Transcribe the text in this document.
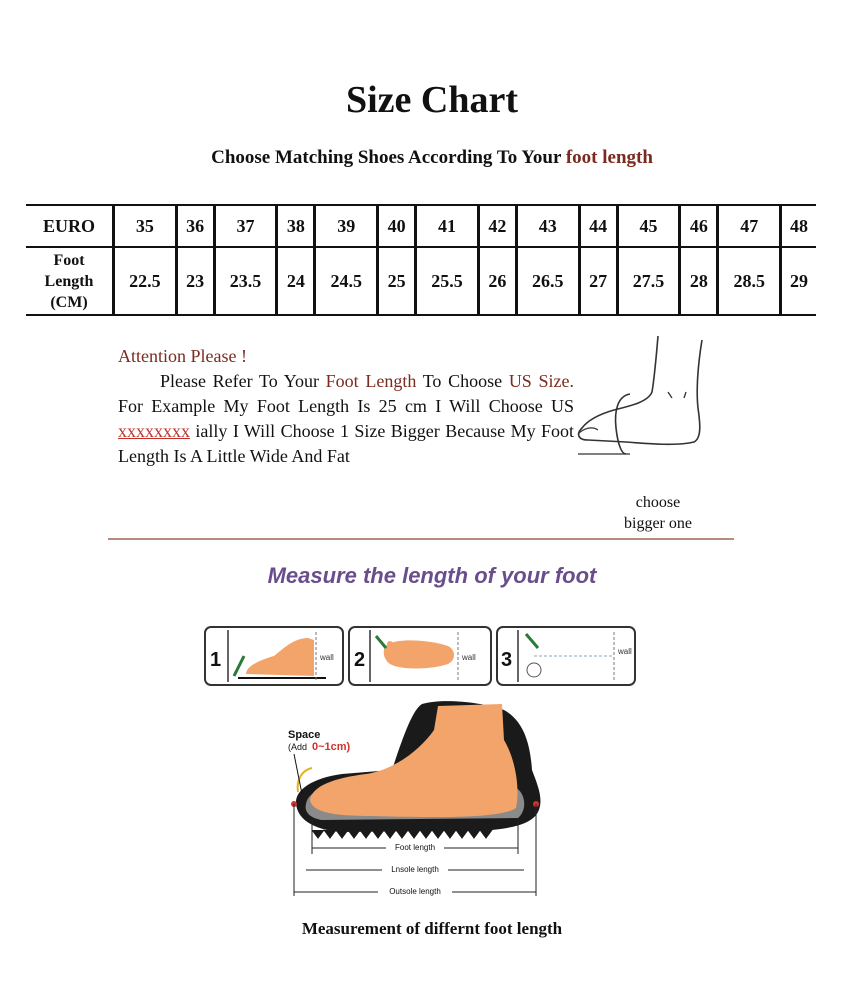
Size Chart
Choose Matching Shoes According To Your foot length
EURO	35	36	37	38	39	40	41	42	43	44	45	46	47	48

Foot
Length
(CM)	22.5	23	23.5	24	24.5	25	25.5	26	26.5	27	27.5	28	28.5	29
Attention Please !
Please Refer To Your Foot Length To Choose US Size. For Example My Foot Length Is 25 cm I Will Choose US xxxxxxxx ially I Will Choose 1 Size Bigger Because My Foot Length Is A Little Wide And Fat
choose
bigger one
Measure the length of your foot
1	wall 2	wall 3	wall
Space
(Add 0~1cm)
Foot length
Lnsole length
Outsole length
Measurement of differnt foot length
